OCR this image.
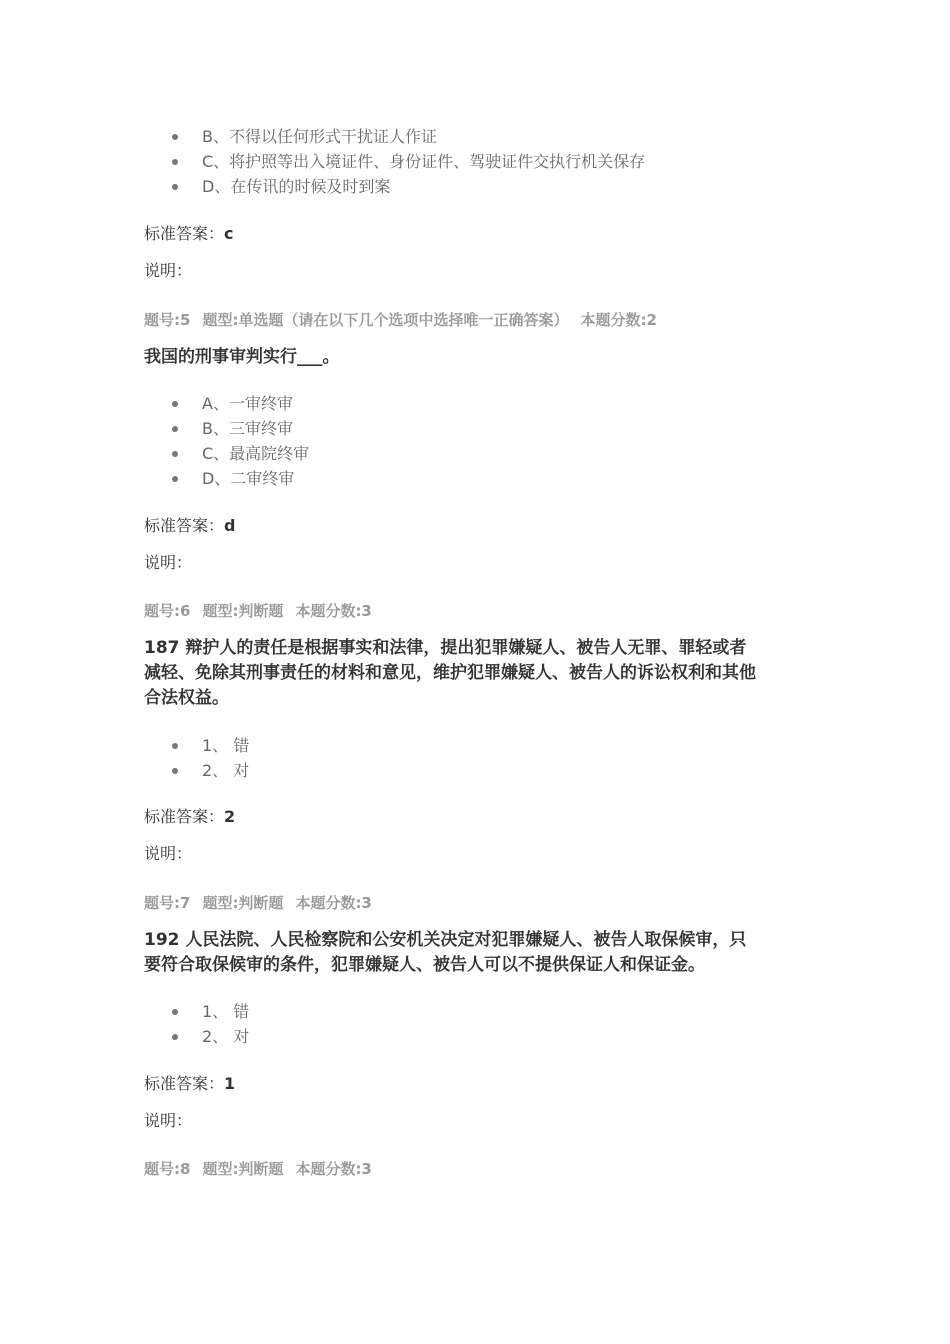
B、不得以任何形式干扰证人作证
C、将护照等出入境证件、身份证件、驾驶证件交执行机关保存
D、在传讯的时候及时到案
标准答案：c
说明：
题号:5 题型:单选题（请在以下几个选项中选择唯一正确答案） 本题分数:2
我国的刑事审判实行___。
A、一审终审
B、三审终审
C、最高院终审
D、二审终审
标准答案：d
说明：
题号:6 题型:判断题 本题分数:3
187 辩护人的责任是根据事实和法律，提出犯罪嫌疑人、被告人无罪、罪轻或者
减轻、免除其刑事责任的材料和意见，维护犯罪嫌疑人、被告人的诉讼权利和其他
合法权益。
1、 错
2、 对
标准答案：2
说明：
题号:7 题型:判断题 本题分数:3
192 人民法院、人民检察院和公安机关决定对犯罪嫌疑人、被告人取保候审，只
要符合取保候审的条件，犯罪嫌疑人、被告人可以不提供保证人和保证金。
1、 错
2、 对
标准答案：1
说明：
题号:8 题型:判断题 本题分数:3
